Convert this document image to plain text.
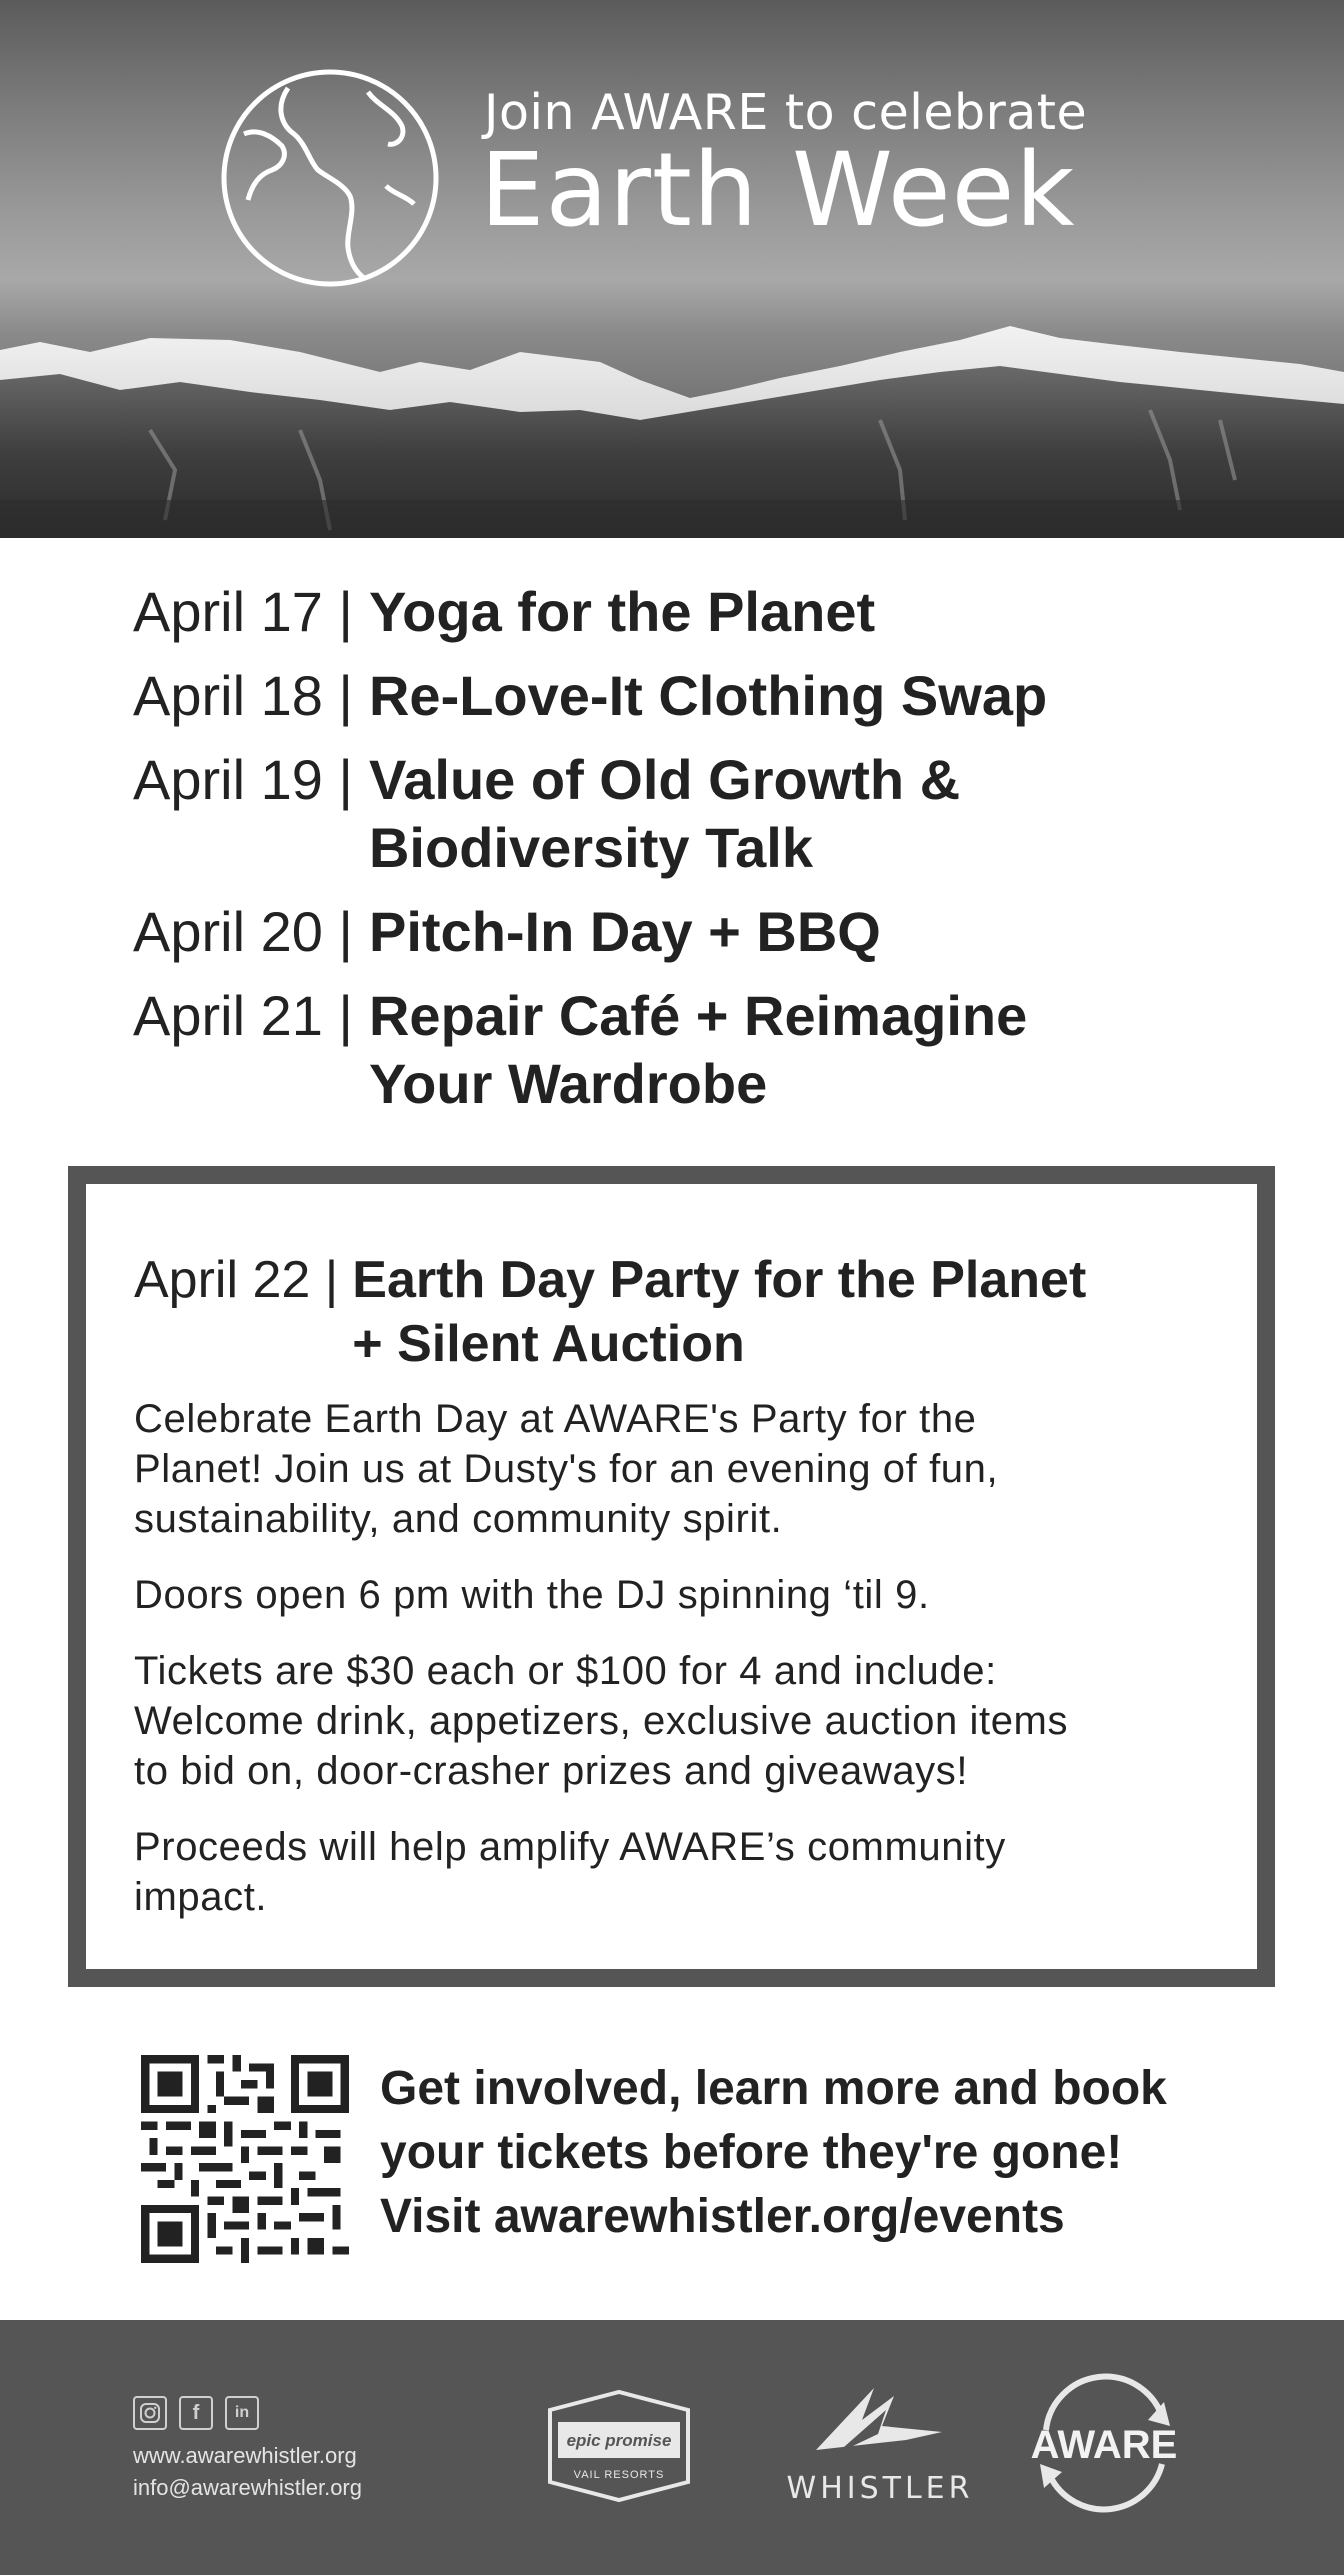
Join AWARE to celebrate
Earth Week
April 17 | Yoga for the Planet
April 18 | Re-Love-It Clothing Swap
April 19 | Value of Old Growth &
Biodiversity Talk
April 20 | Pitch-In Day + BBQ
April 21 | Repair Café + Reimagine
Your Wardrobe
April 22 | Earth Day Party for the Planet
+ Silent Auction

Celebrate Earth Day at AWARE's Party for the
Planet! Join us at Dusty's for an evening of fun,
sustainability, and community spirit.

Doors open 6 pm with the DJ spinning ‘til 9.

Tickets are $30 each or $100 for 4 and include:
Welcome drink, appetizers, exclusive auction items
to bid on, door-crasher prizes and giveaways!

Proceeds will help amplify AWARE’s community
impact.

Get involved, learn more and book
your tickets before they're gone!
Visit awarewhistler.org/events
f	in
www.awarewhistler.org
info@awarewhistler.org
epic promise
VAIL RESORTS	WHISTLER
AWARE
